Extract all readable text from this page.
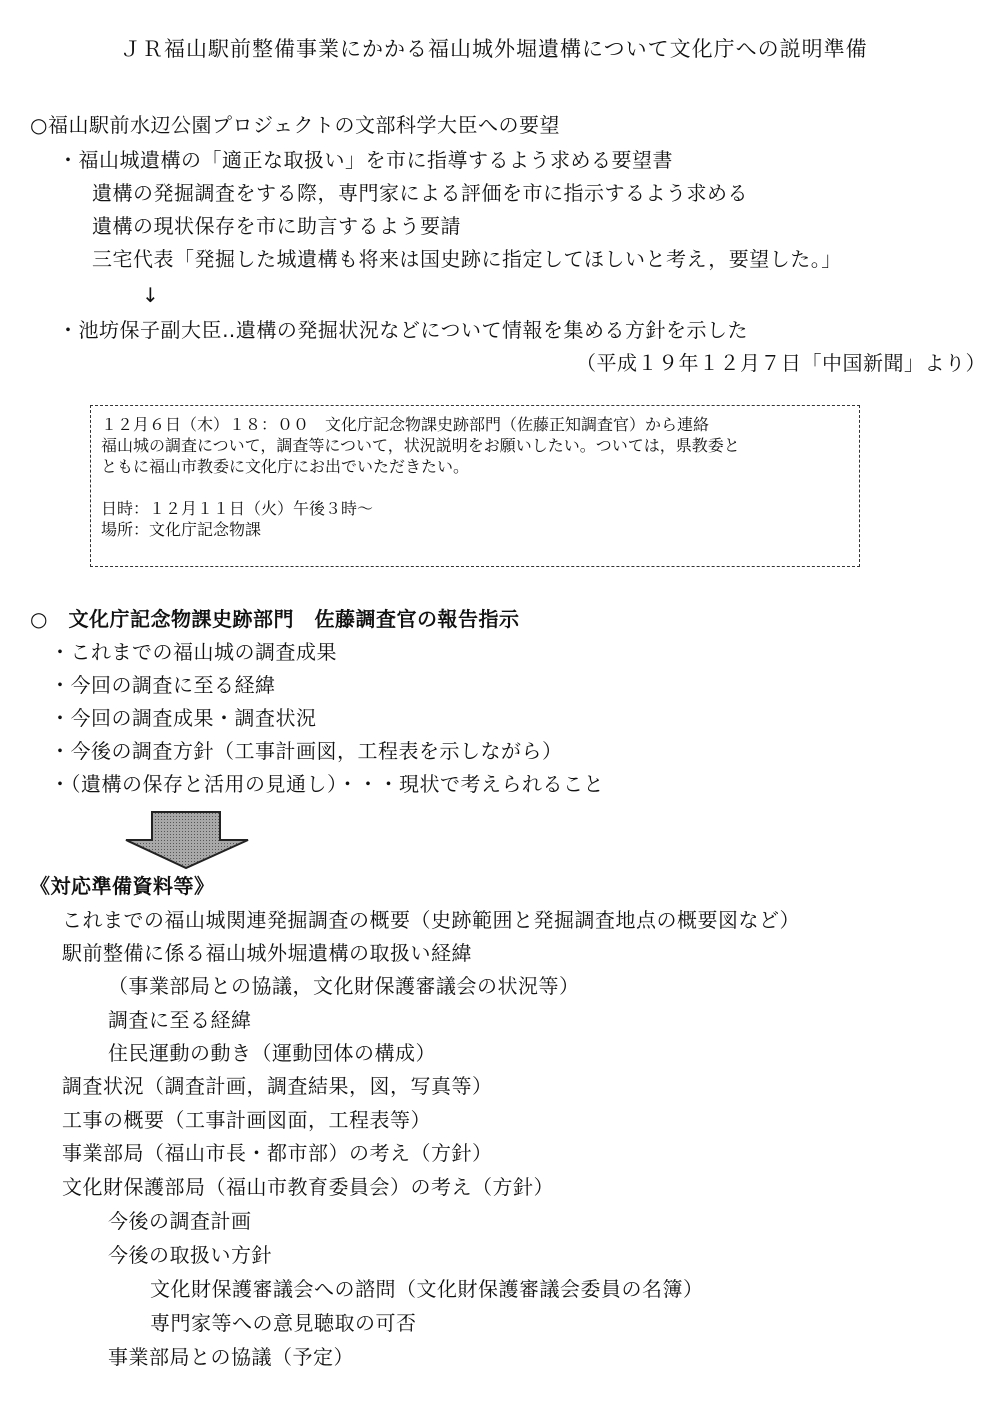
ＪＲ福山駅前整備事業にかかる福山城外堀遺構について文化庁への説明準備
○福山駅前水辺公園プロジェクトの文部科学大臣への要望
・福山城遺構の「適正な取扱い」を市に指導するよう求める要望書
遺構の発掘調査をする際，専門家による評価を市に指示するよう求める
遺構の現状保存を市に助言するよう要請
三宅代表「発掘した城遺構も将来は国史跡に指定してほしいと考え，要望した。」
↓
・池坊保子副大臣‥遺構の発掘状況などについて情報を集める方針を示した
（平成１９年１２月７日「中国新聞」より）
１２月６日（木）１８：００　文化庁記念物課史跡部門（佐藤正知調査官）から連絡
福山城の調査について，調査等について，状況説明をお願いしたい。ついては，県教委と
ともに福山市教委に文化庁にお出でいただきたい。
日時：１２月１１日（火）午後３時～
場所：文化庁記念物課
○　文化庁記念物課史跡部門　佐藤調査官の報告指示
・これまでの福山城の調査成果
・今回の調査に至る経緯
・今回の調査成果・調査状況
・今後の調査方針（工事計画図，工程表を示しながら）
・（遺構の保存と活用の見通し）・・・現状で考えられること
《対応準備資料等》
これまでの福山城関連発掘調査の概要（史跡範囲と発掘調査地点の概要図など）
駅前整備に係る福山城外堀遺構の取扱い経緯
（事業部局との協議，文化財保護審議会の状況等）
調査に至る経緯
住民運動の動き（運動団体の構成）
調査状況（調査計画，調査結果，図，写真等）
工事の概要（工事計画図面，工程表等）
事業部局（福山市長・都市部）の考え（方針）
文化財保護部局（福山市教育委員会）の考え（方針）
今後の調査計画
今後の取扱い方針
文化財保護審議会への諮問（文化財保護審議会委員の名簿）
専門家等への意見聴取の可否
事業部局との協議（予定）
